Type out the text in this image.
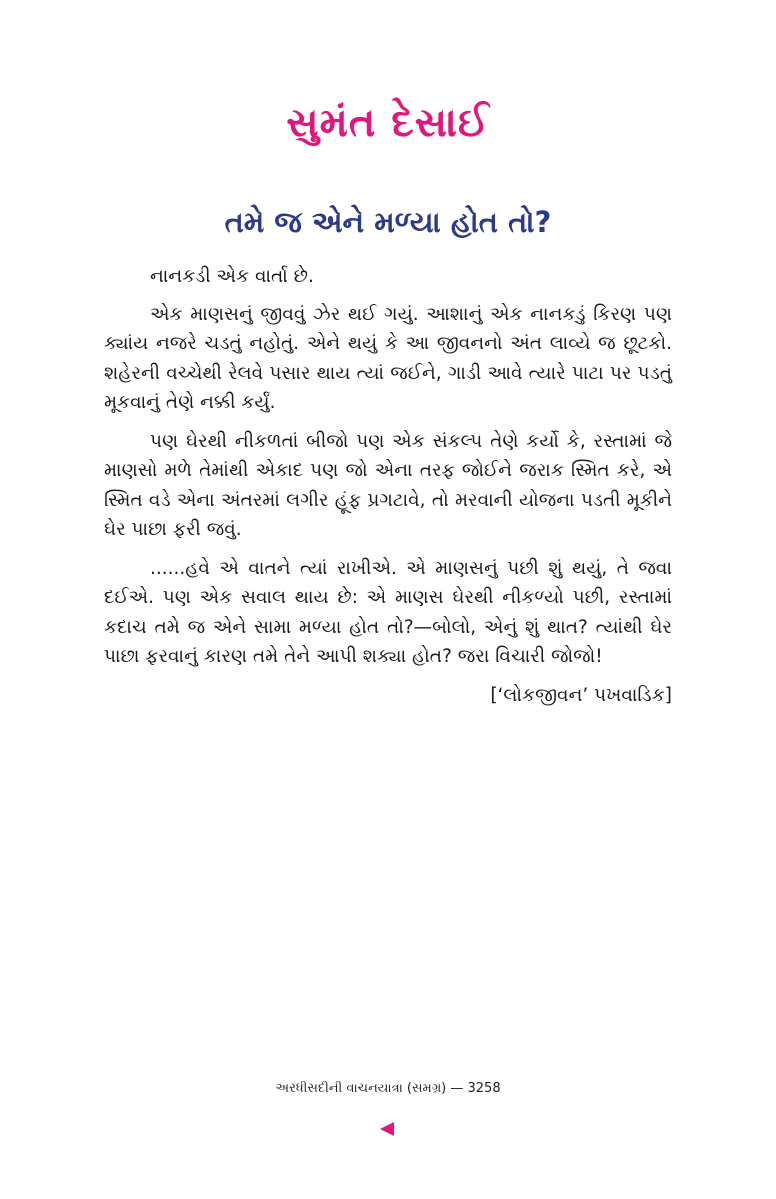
સુમંત દેસાઈ
તમે જ એને મળ્યા હોત તો?

નાનકડી એક વાર્તા છે.

એક માણસનું જીવવું ઝેર થઈ ગયું. આશાનું એક નાનકડું કિરણ પણ ક્યાંય નજરે ચડતું નહોતું. એને થયું કે આ જીવનનો અંત લાવ્યે જ છૂટકો. શહેરની વચ્ચેથી રેલવે પસાર થાય ત્યાં જઈને, ગાડી આવે ત્યારે પાટા પર પડતું મૂકવાનું તેણે નક્કી કર્યું.

પણ ઘેરથી નીકળતાં બીજો પણ એક સંકલ્પ તેણે કર્યો કે, રસ્તામાં જે માણસો મળે તેમાંથી એકાદ પણ જો એના તરફ જોઈને જરાક સ્મિત કરે, એ સ્મિત વડે એના અંતરમાં લગીર હૂંફ પ્રગટાવે, તો મરવાની યોજના પડતી મૂકીને ઘેર પાછા ફરી જવું.

......હવે એ વાતને ત્યાં રાખીએ. એ માણસનું પછી શું થયું, તે જવા દઈએ. પણ એક સવાલ થાય છે: એ માણસ ઘેરથી નીકળ્યો પછી, રસ્તામાં કદાચ તમે જ એને સામા મળ્યા હોત તો?—બોલો, એનું શું થાત? ત્યાંથી ઘેર પાછા ફરવાનું કારણ તમે તેને આપી શક્યા હોત? જરા વિચારી જોજો!

[‘લોકજીવન’ પખવાડિક]
અરધીસદીની વાચનયાત્રા (સમગ્ર) — 3258
